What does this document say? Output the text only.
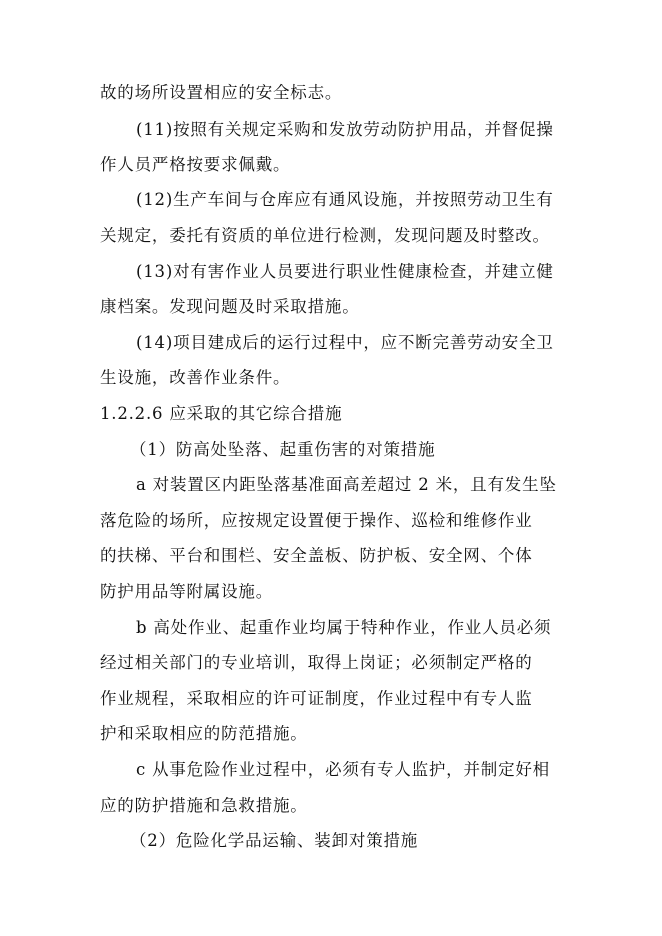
故的场所设置相应的安全标志。
(11)按照有关规定采购和发放劳动防护用品，并督促操
作人员严格按要求佩戴。
(12)生产车间与仓库应有通风设施，并按照劳动卫生有
关规定，委托有资质的单位进行检测，发现问题及时整改。
(13)对有害作业人员要进行职业性健康检查，并建立健
康档案。发现问题及时采取措施。
(14)项目建成后的运行过程中，应不断完善劳动安全卫
生设施，改善作业条件。
1.2.2.6 应采取的其它综合措施
（1）防高处坠落、起重伤害的对策措施
a 对装置区内距坠落基准面高差超过 2 米，且有发生坠
落危险的场所，应按规定设置便于操作、巡检和维修作业
的扶梯、平台和围栏、安全盖板、防护板、安全网、个体
防护用品等附属设施。
b 高处作业、起重作业均属于特种作业，作业人员必须
经过相关部门的专业培训，取得上岗证；必须制定严格的
作业规程，采取相应的许可证制度，作业过程中有专人监
护和采取相应的防范措施。
c 从事危险作业过程中，必须有专人监护，并制定好相
应的防护措施和急救措施。
（2）危险化学品运输、装卸对策措施
